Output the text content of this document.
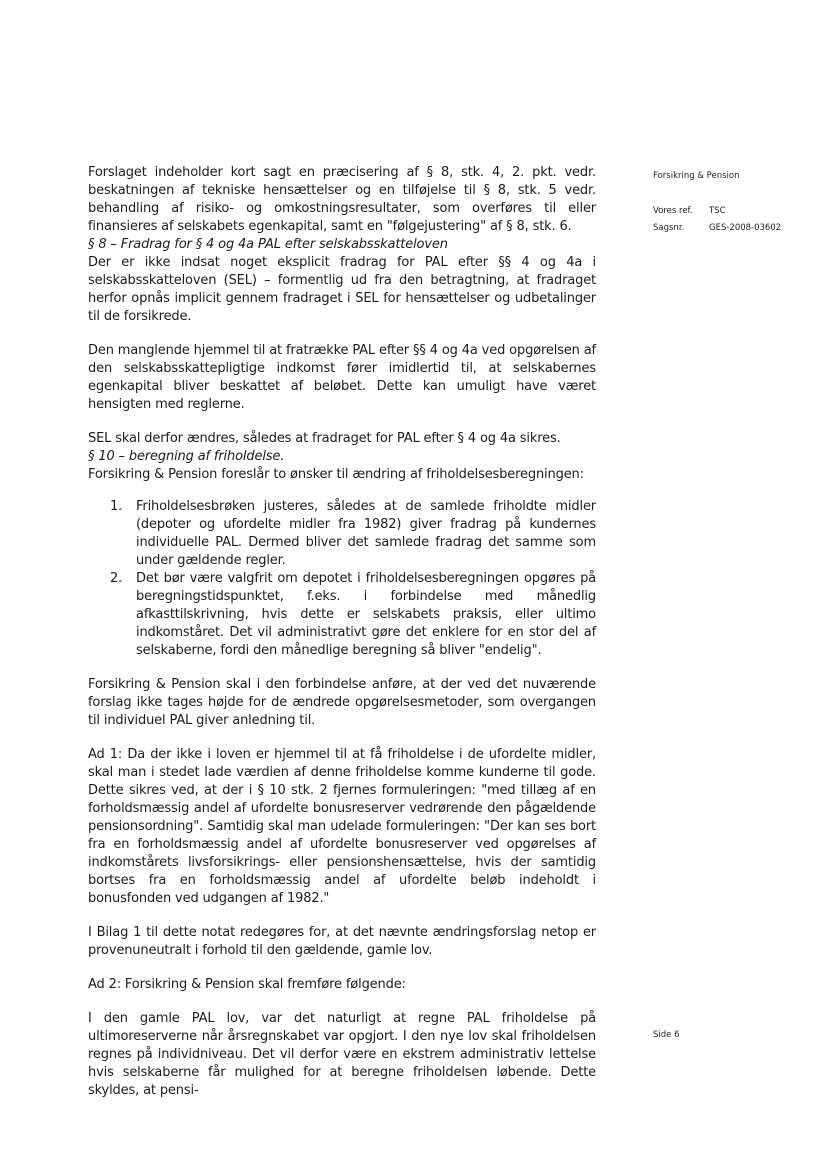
Forsikring & Pension
Vores ref. TSC
Sagsnr.	GES-2008-03602
Side 6

Forslaget indeholder kort sagt en præcisering af § 8, stk. 4, 2. pkt. vedr. beskatningen af tekniske hensættelser og en tilføjelse til § 8, stk. 5 vedr. behandling af risiko- og omkostningsresultater, som overføres til eller finansieres af selskabets egenkapital, samt en "følgejustering" af § 8, stk. 6.

§ 8 – Fradrag for § 4 og 4a PAL efter selskabsskatteloven

Der er ikke indsat noget eksplicit fradrag for PAL efter §§ 4 og 4a i selskabsskatteloven (SEL) – formentlig ud fra den betragtning, at fradraget herfor opnås implicit gennem fradraget i SEL for hensættelser og udbetalinger til de forsikrede.

Den manglende hjemmel til at fratrække PAL efter §§ 4 og 4a ved opgørelsen af den selskabsskattepligtige indkomst fører imidlertid til, at selskabernes egenkapital bliver beskattet af beløbet. Dette kan umuligt have været hensigten med reglerne.

SEL skal derfor ændres, således at fradraget for PAL efter § 4 og 4a sikres.

§ 10 – beregning af friholdelse.

Forsikring & Pension foreslår to ønsker til ændring af friholdelsesberegningen:

1. Friholdelsesbrøken justeres, således at de samlede friholdte midler (depoter og ufordelte midler fra 1982) giver fradrag på kundernes individuelle PAL. Dermed bliver det samlede fradrag det samme som under gældende regler.
2. Det bør være valgfrit om depotet i friholdelsesberegningen opgøres på beregningstidspunktet, f.eks. i forbindelse med månedlig afkasttilskrivning, hvis dette er selskabets praksis, eller ultimo indkomståret. Det vil administrativt gøre det enklere for en stor del af selskaberne, fordi den månedlige beregning så bliver "endelig".

Forsikring & Pension skal i den forbindelse anføre, at der ved det nuværende forslag ikke tages højde for de ændrede opgørelsesmetoder, som overgangen til individuel PAL giver anledning til.

Ad 1: Da der ikke i loven er hjemmel til at få friholdelse i de ufordelte midler, skal man i stedet lade værdien af denne friholdelse komme kunderne til gode. Dette sikres ved, at der i § 10 stk. 2 fjernes formuleringen: "med tillæg af en forholdsmæssig andel af ufordelte bonusreserver vedrørende den pågældende pensionsordning". Samtidig skal man udelade formuleringen: "Der kan ses bort fra en forholdsmæssig andel af ufordelte bonusreserver ved opgørelses af indkomstårets livsforsikrings- eller pensionshensættelse, hvis der samtidig bortses fra en forholdsmæssig andel af ufordelte beløb indeholdt i bonusfonden ved udgangen af 1982."

I Bilag 1 til dette notat redegøres for, at det nævnte ændringsforslag netop er provenuneutralt i forhold til den gældende, gamle lov.

Ad 2: Forsikring & Pension skal fremføre følgende:

I den gamle PAL lov, var det naturligt at regne PAL friholdelse på ultimoreserverne når årsregnskabet var opgjort. I den nye lov skal friholdelsen regnes på individniveau. Det vil derfor være en ekstrem administrativ lettelse hvis selskaberne får mulighed for at beregne friholdelsen løbende. Dette skyldes, at pensi-
